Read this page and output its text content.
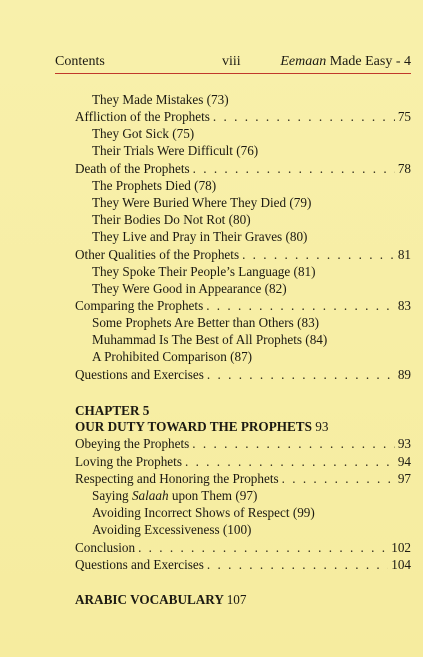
Contents	viii	Eemaan Made Easy - 4
They Made Mistakes (73)
Affliction of the Prophets . . .	75
They Got Sick (75)
Their Trials Were Difficult (76)
Death of the Prophets . . .	78
The Prophets Died (78)
They Were Buried Where They Died (79)
Their Bodies Do Not Rot (80)
They Live and Pray in Their Graves (80)
Other Qualities of the Prophets . . .	81
They Spoke Their People’s Language (81)
They Were Good in Appearance (82)
Comparing the Prophets . . .	83
Some Prophets Are Better than Others (83)
Muhammad Is The Best of All Prophets (84)
A Prohibited Comparison (87)
Questions and Exercises . . .	89
CHAPTER 5
OUR DUTY TOWARD THE PROPHETS 93
Obeying the Prophets . . .	93
Loving the Prophets . . .	94
Respecting and Honoring the Prophets . . .	97
Saying Salaah upon Them (97)
Avoiding Incorrect Shows of Respect (99)
Avoiding Excessiveness (100)
Conclusion . . .	102
Questions and Exercises . . .	104
ARABIC VOCABULARY 107
